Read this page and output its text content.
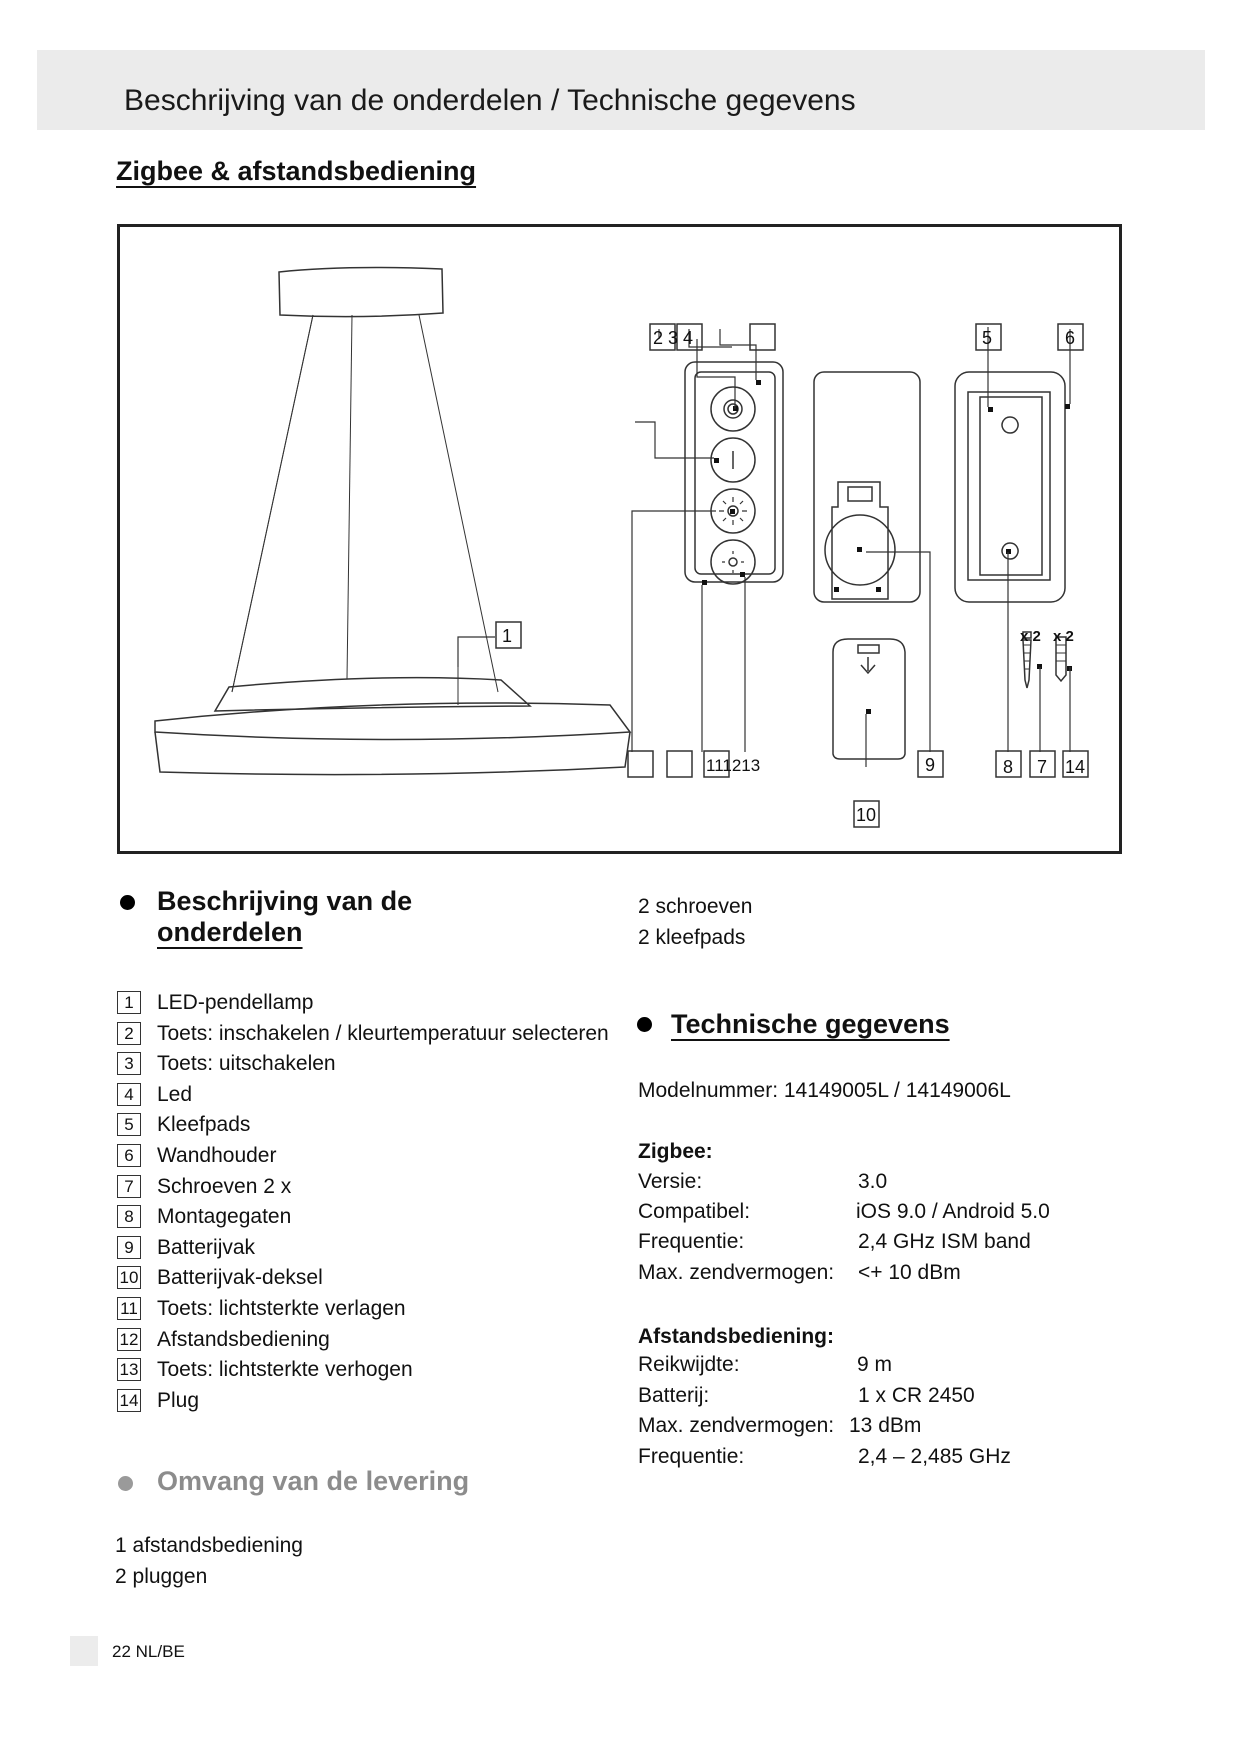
Beschrijving van de onderdelen / Technische gegevens
Zigbee & afstandsbediening
1
2 3 4	5	6
111213	9	8 7 14
10
x 2 x 2
Beschrijving van de
onderdelen
1	LED-pendellamp
2	Toets: inschakelen / kleurtemperatuur selecteren
3	Toets: uitschakelen
4	Led
5	Kleefpads
6	Wandhouder
7	Schroeven 2 x
8	Montagegaten
9	Batterijvak
10 Batterijvak-deksel
11 Toets: lichtsterkte verlagen
12 Afstandsbediening
13 Toets: lichtsterkte verhogen
14 Plug
Omvang van de levering
1 afstandsbediening
2 pluggen
2 schroeven
2 kleefpads
Technische gegevens
Modelnummer: 14149005L / 14149006L
Zigbee:
Versie:	3.0
Compatibel:	iOS 9.0 / Android 5.0
Frequentie:	2,4 GHz ISM band
Max. zendvermogen: <+ 10 dBm
Afstandsbediening:
Reikwijdte:	9 m
Batterij:	1 x CR 2450
Max. zendvermogen: 13 dBm
Frequentie:	2,4 – 2,485 GHz
22 NL/BE
